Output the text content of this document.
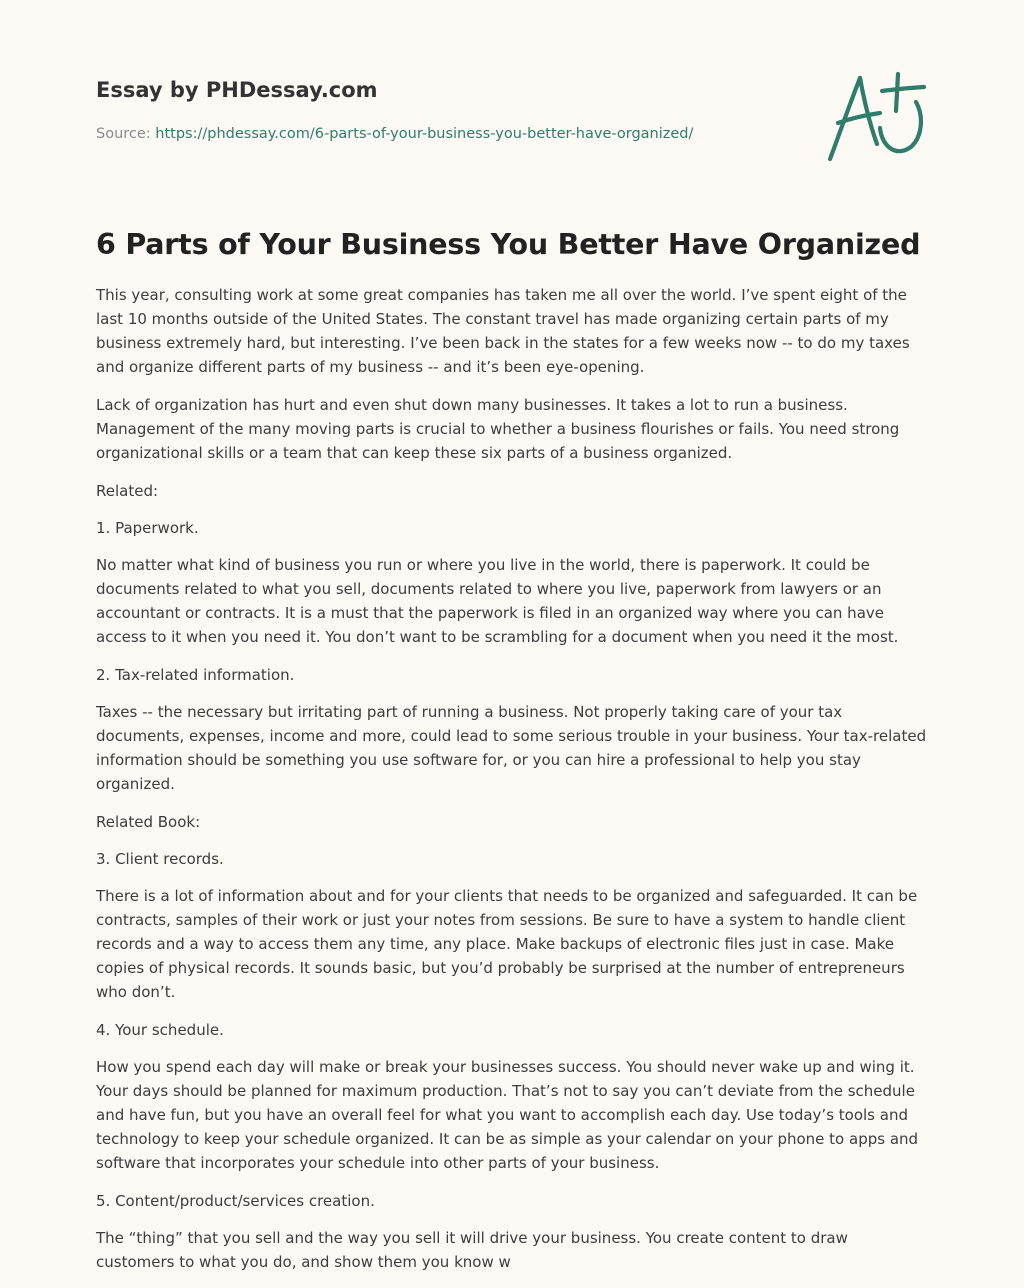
Essay by PHDessay.com
Source: https://phdessay.com/6-parts-of-your-business-you-better-have-organized/
6 Parts of Your Business You Better Have Organized

This year, consulting work at some great companies has taken me all over the world. I’ve spent eight of the last 10 months outside of the United States. The constant travel has made organizing certain parts of my business extremely hard, but interesting. I’ve been back in the states for a few weeks now -- to do my taxes and organize different parts of my business -- and it’s been eye-opening.

Lack of organization has hurt and even shut down many businesses. It takes a lot to run a business. Management of the many moving parts is crucial to whether a business flourishes or fails. You need strong organizational skills or a team that can keep these six parts of a business organized.

Related:

1. Paperwork.

No matter what kind of business you run or where you live in the world, there is paperwork. It could be documents related to what you sell, documents related to where you live, paperwork from lawyers or an accountant or contracts. It is a must that the paperwork is filed in an organized way where you can have access to it when you need it. You don’t want to be scrambling for a document when you need it the most.

2. Tax-related information.

Taxes -- the necessary but irritating part of running a business. Not properly taking care of your tax documents, expenses, income and more, could lead to some serious trouble in your business. Your tax-related information should be something you use software for, or you can hire a professional to help you stay organized.

Related Book:

3. Client records.

There is a lot of information about and for your clients that needs to be organized and safeguarded. It can be contracts, samples of their work or just your notes from sessions. Be sure to have a system to handle client records and a way to access them any time, any place. Make backups of electronic files just in case. Make copies of physical records. It sounds basic, but you’d probably be surprised at the number of entrepreneurs who don’t.

4. Your schedule.

How you spend each day will make or break your businesses success. You should never wake up and wing it. Your days should be planned for maximum production. That’s not to say you can’t deviate from the schedule and have fun, but you have an overall feel for what you want to accomplish each day. Use today’s tools and technology to keep your schedule organized. It can be as simple as your calendar on your phone to apps and software that incorporates your schedule into other parts of your business.

5. Content/product/services creation.

The “thing” that you sell and the way you sell it will drive your business. You create content to draw customers to what you do, and show them you know w
